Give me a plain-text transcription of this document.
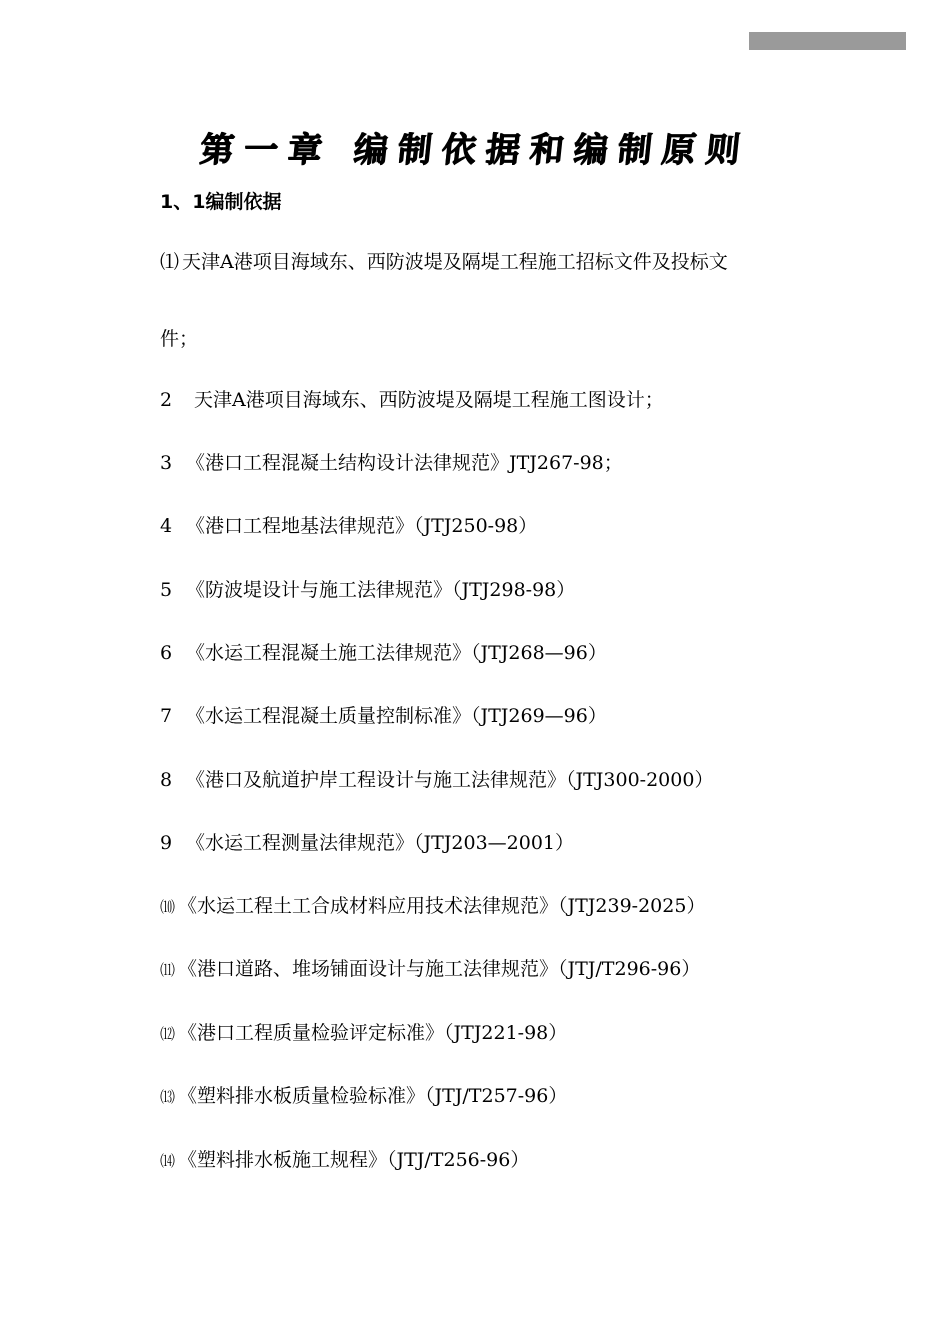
第一章 编制依据和编制原则
1、1编制依据
⑴ 天津A港项目海域东、西防波堤及隔堤工程施工招标文件及投标文
件；
2 天津A港项目海域东、西防波堤及隔堤工程施工图设计；
3 《港口工程混凝土结构设计法律规范》JTJ267-98；
4 《港口工程地基法律规范》（JTJ250-98）
5 《防波堤设计与施工法律规范》（JTJ298-98）
6 《水运工程混凝土施工法律规范》（JTJ268—96）
7 《水运工程混凝土质量控制标准》（JTJ269—96）
8 《港口及航道护岸工程设计与施工法律规范》（JTJ300-2000）
9 《水运工程测量法律规范》（JTJ203—2001）
⑽ 《水运工程土工合成材料应用技术法律规范》（JTJ239-2025）
⑾ 《港口道路、堆场铺面设计与施工法律规范》（JTJ/T296-96）
⑿ 《港口工程质量检验评定标准》（JTJ221-98）
⒀ 《塑料排水板质量检验标准》（JTJ/T257-96）
⒁ 《塑料排水板施工规程》（JTJ/T256-96）
